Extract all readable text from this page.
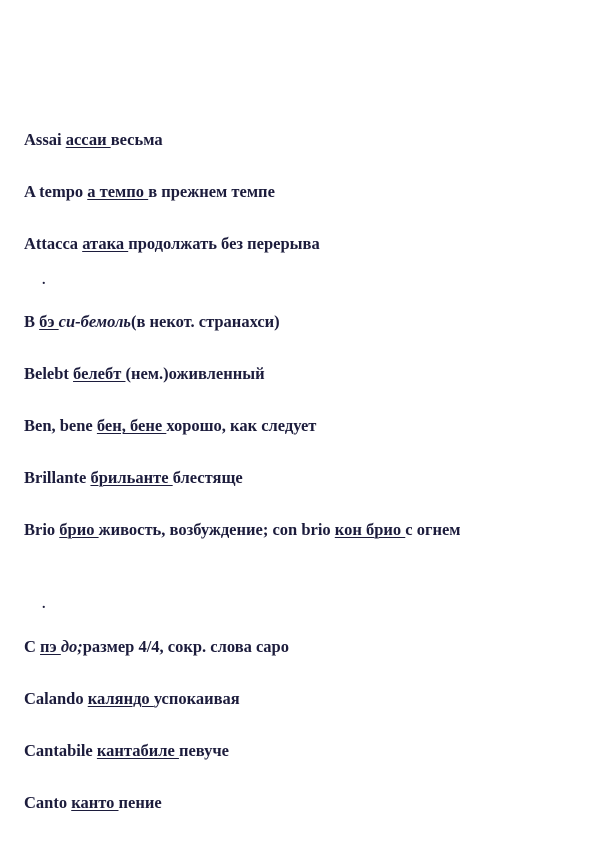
Assai ассаи весьма
A tempo а темпо в прежнем темпе
Attacca атака продолжать без перерыва
.
B бэ си-бемоль(в некот. странахси)
Belebt белебт (нем.)оживленный
Ben, bene бен, бене хорошо, как следует
Brillante брильанте блестяще
Brio брио живость, возбуждение; con brio кон брио с огнем
.
C пэ до;размер 4/4, сокр. слова capo
Calando каляндо успокаивая
Cantabile кантабиле певуче
Canto канто пение
